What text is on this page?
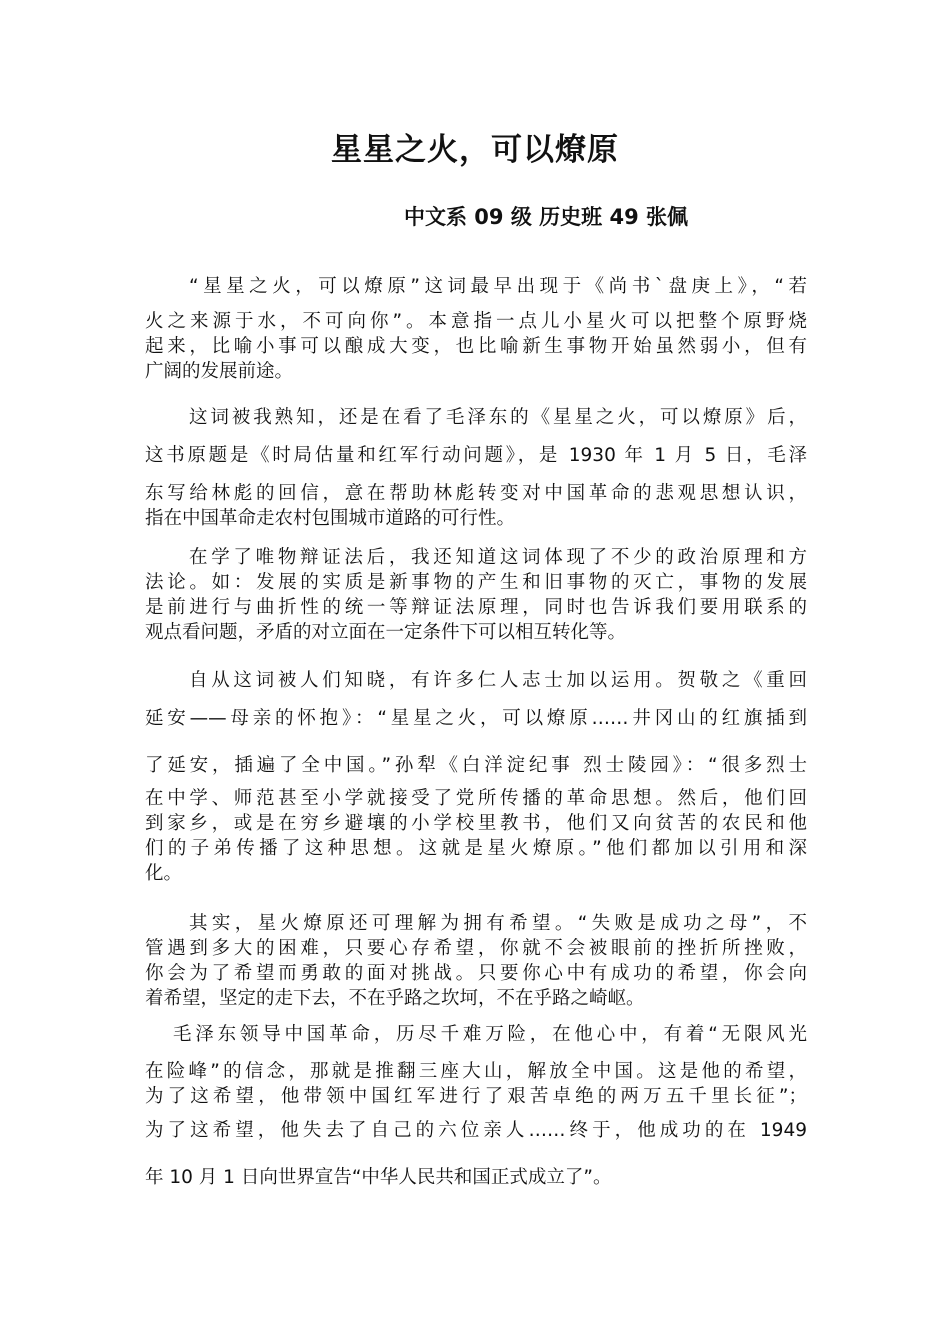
星星之火，可以燎原
中文系 09 级 历史班 49 张佩
“星星之火，可以燎原”这词最早出现于《尚书`盘庚上》，“若
火之来源于水，不可向你”。本意指一点儿小星火可以把整个原野烧
起来，比喻小事可以酿成大变，也比喻新生事物开始虽然弱小，但有
广阔的发展前途。
这词被我熟知，还是在看了毛泽东的《星星之火，可以燎原》后，
这书原题是《时局估量和红军行动问题》，是 1930 年 1 月 5 日，毛泽
东写给林彪的回信，意在帮助林彪转变对中国革命的悲观思想认识，
指在中国革命走农村包围城市道路的可行性。
在学了唯物辩证法后，我还知道这词体现了不少的政治原理和方
法论。如：发展的实质是新事物的产生和旧事物的灭亡，事物的发展
是前进行与曲折性的统一等辩证法原理，同时也告诉我们要用联系的
观点看问题，矛盾的对立面在一定条件下可以相互转化等。
自从这词被人们知晓，有许多仁人志士加以运用。贺敬之《重回
延安——母亲的怀抱》：“星星之火，可以燎原……井冈山的红旗插到
了延安，插遍了全中国。”孙犁《白洋淀纪事 烈士陵园》：“很多烈士
在中学、师范甚至小学就接受了党所传播的革命思想。然后，他们回
到家乡，或是在穷乡避壤的小学校里教书，他们又向贫苦的农民和他
们的子弟传播了这种思想。这就是星火燎原。”他们都加以引用和深
化。
其实，星火燎原还可理解为拥有希望。“失败是成功之母”，不
管遇到多大的困难，只要心存希望，你就不会被眼前的挫折所挫败，
你会为了希望而勇敢的面对挑战。只要你心中有成功的希望，你会向
着希望，坚定的走下去，不在乎路之坎坷，不在乎路之崎岖。
毛泽东领导中国革命，历尽千难万险，在他心中，有着“无限风光
在险峰”的信念，那就是推翻三座大山，解放全中国。这是他的希望，
为了这希望，他带领中国红军进行了艰苦卓绝的两万五千里长征”；
为了这希望，他失去了自己的六位亲人……终于，他成功的在 1949
年 10 月 1 日向世界宣告“中华人民共和国正式成立了”。
